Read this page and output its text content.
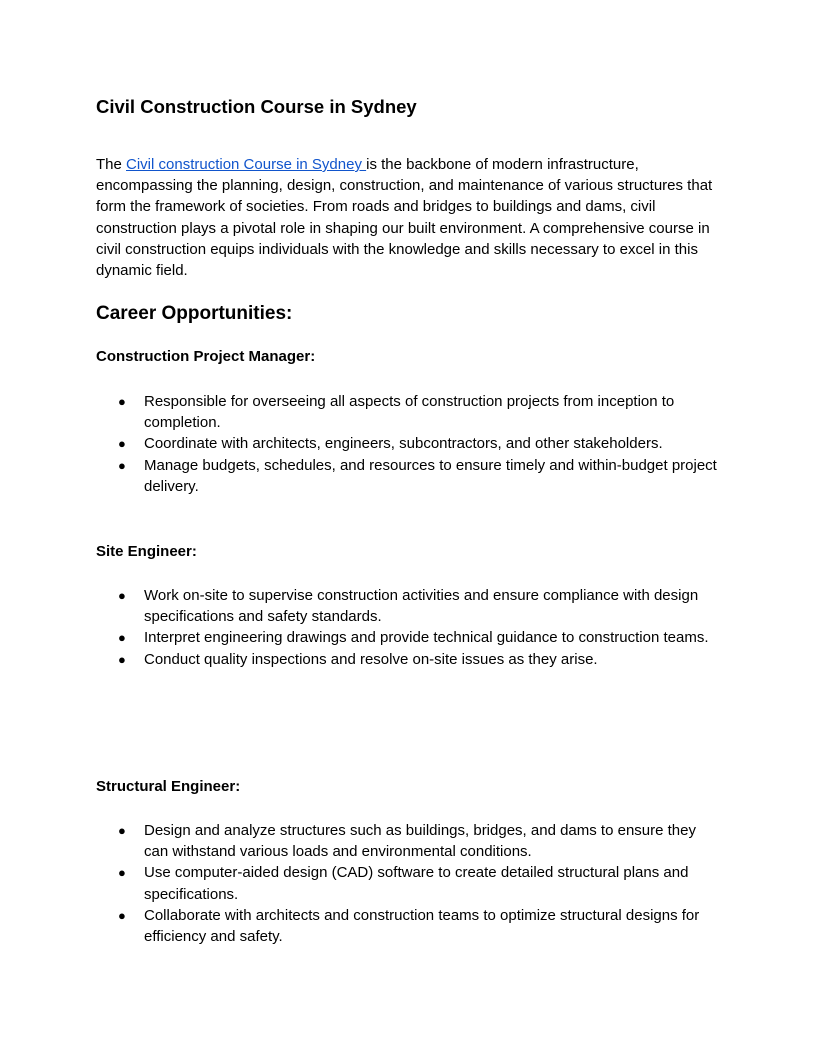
Civil Construction Course in Sydney

The Civil construction Course in Sydney is the backbone of modern infrastructure, encompassing the planning, design, construction, and maintenance of various structures that form the framework of societies. From roads and bridges to buildings and dams, civil construction plays a pivotal role in shaping our built environment. A comprehensive course in civil construction equips individuals with the knowledge and skills necessary to excel in this dynamic field.

Career Opportunities:
Construction Project Manager:
● Responsible for overseeing all aspects of construction projects from inception to completion.
● Coordinate with architects, engineers, subcontractors, and other stakeholders.
● Manage budgets, schedules, and resources to ensure timely and within-budget project delivery.
Site Engineer:
● Work on-site to supervise construction activities and ensure compliance with design specifications and safety standards.
● Interpret engineering drawings and provide technical guidance to construction teams.
● Conduct quality inspections and resolve on-site issues as they arise.
Structural Engineer:
● Design and analyze structures such as buildings, bridges, and dams to ensure they can withstand various loads and environmental conditions.
● Use computer-aided design (CAD) software to create detailed structural plans and specifications.
● Collaborate with architects and construction teams to optimize structural designs for efficiency and safety.
